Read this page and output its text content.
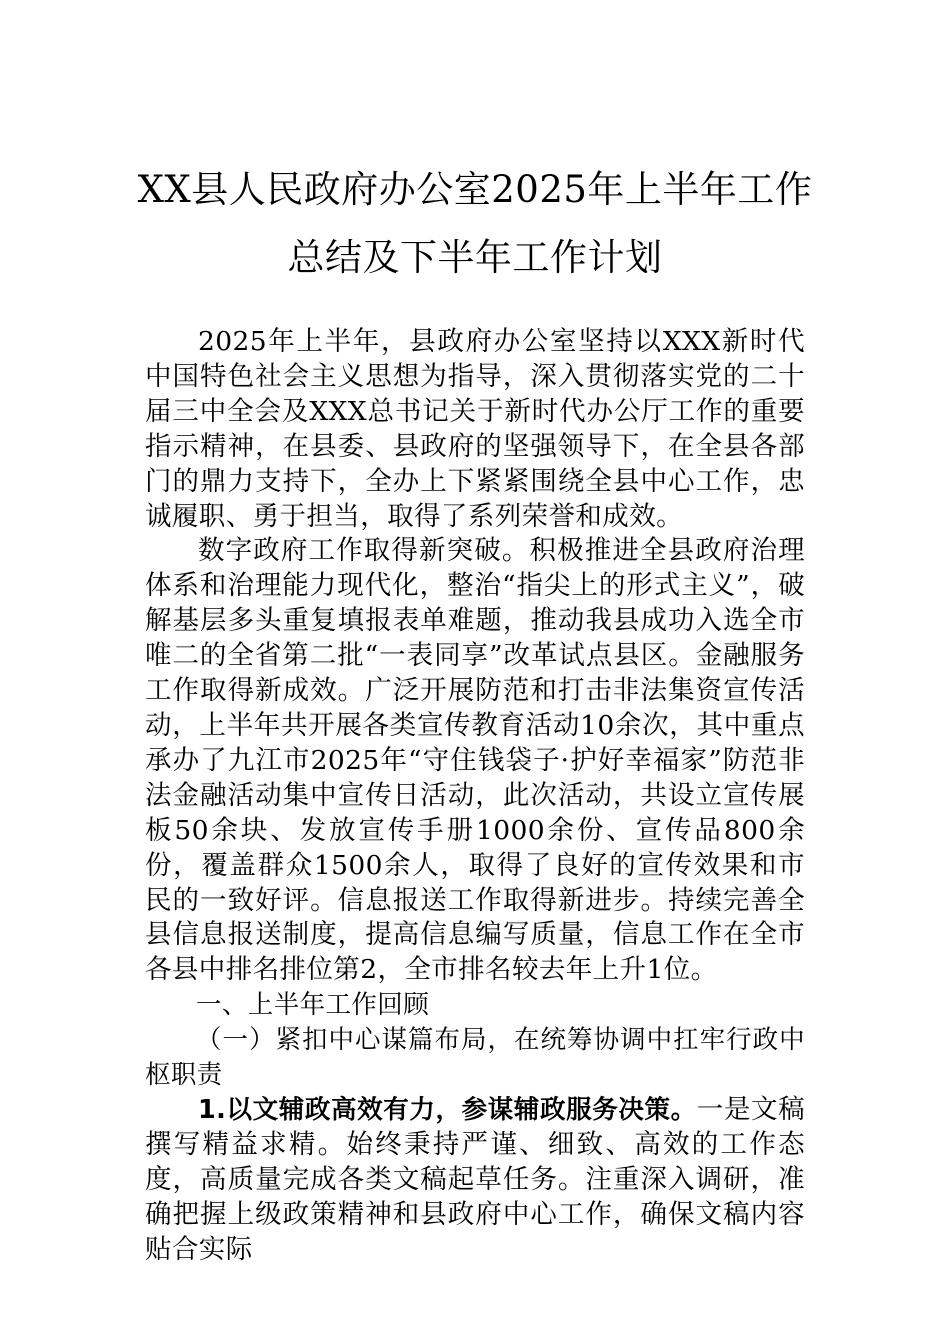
XX县人民政府办公室2025年上半年工作
总结及下半年工作计划

2025年上半年，县政府办公室坚持以XXX新时代中国特色社会主义思想为指导，深入贯彻落实党的二十届三中全会及XXX总书记关于新时代办公厅工作的重要指示精神，在县委、县政府的坚强领导下，在全县各部门的鼎力支持下，全办上下紧紧围绕全县中心工作，忠诚履职、勇于担当，取得了系列荣誉和成效。

数字政府工作取得新突破。积极推进全县政府治理体系和治理能力现代化，整治“指尖上的形式主义”，破解基层多头重复填报表单难题，推动我县成功入选全市唯二的全省第二批“一表同享”改革试点县区。金融服务工作取得新成效。广泛开展防范和打击非法集资宣传活动，上半年共开展各类宣传教育活动10余次，其中重点承办了九江市2025年“守住钱袋子·护好幸福家”防范非法金融活动集中宣传日活动，此次活动，共设立宣传展板50余块、发放宣传手册1000余份、宣传品800余份，覆盖群众1500余人，取得了良好的宣传效果和市民的一致好评。信息报送工作取得新进步。持续完善全县信息报送制度，提高信息编写质量，信息工作在全市各县中排名排位第2，全市排名较去年上升1位。

一、上半年工作回顾

（一）紧扣中心谋篇布局，在统筹协调中扛牢行政中枢职责

1.以文辅政高效有力，参谋辅政服务决策。一是文稿撰写精益求精。始终秉持严谨、细致、高效的工作态度，高质量完成各类文稿起草任务。注重深入调研，准确把握上级政策精神和县政府中心工作，确保文稿内容贴合实际
